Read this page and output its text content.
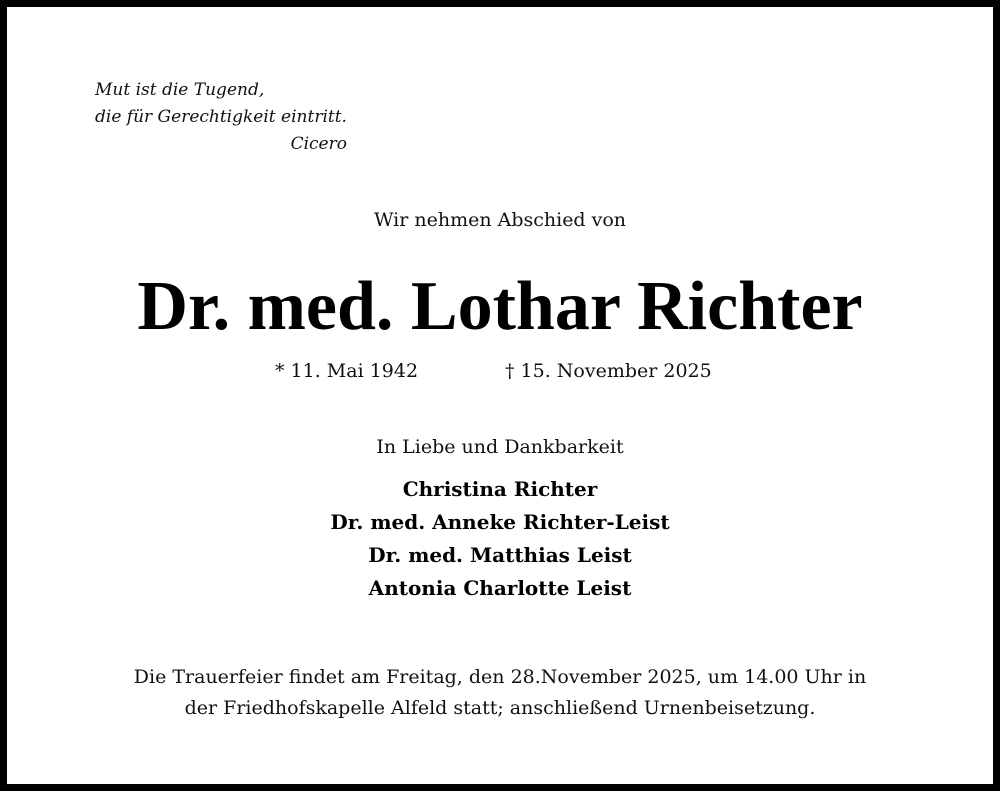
Mut ist die Tugend,
die für Gerechtigkeit eintritt.
Cicero
Wir nehmen Abschied von
Dr. med. Lothar Richter
* 11. Mai 1942	† 15. November 2025
In Liebe und Dankbarkeit
Christina Richter
Dr. med. Anneke Richter-Leist
Dr. med. Matthias Leist
Antonia Charlotte Leist
Die Trauerfeier findet am Freitag, den 28.November 2025, um 14.00 Uhr in
der Friedhofskapelle Alfeld statt; anschließend Urnenbeisetzung.
